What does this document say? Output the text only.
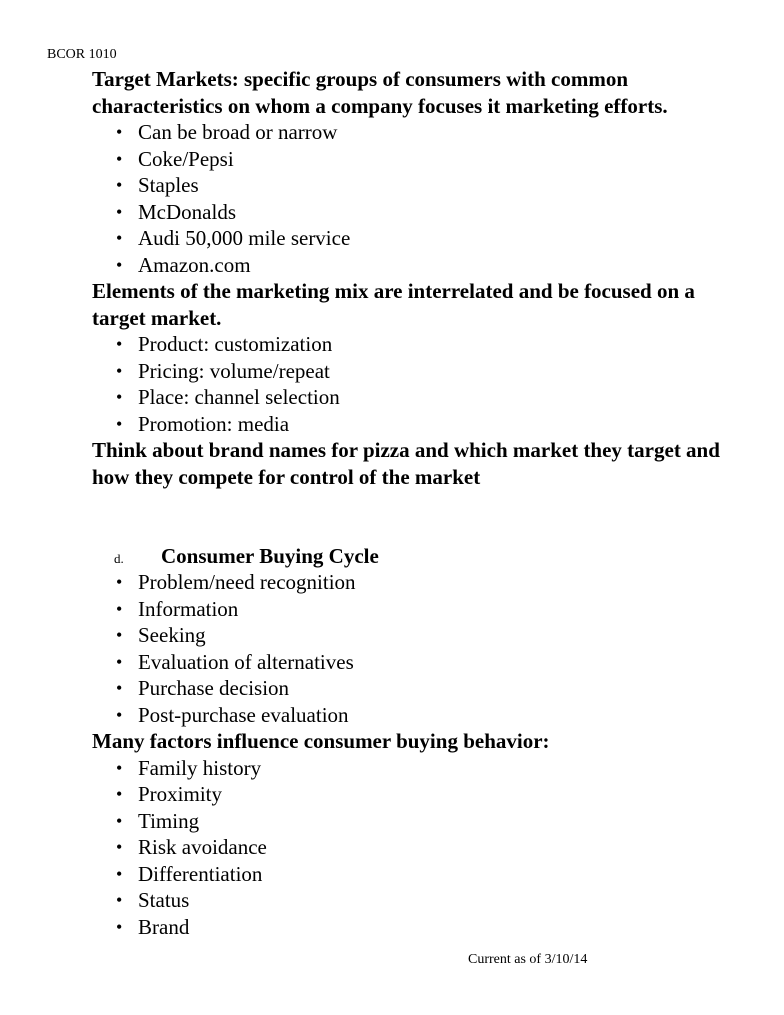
BCOR 1010

Target Markets: specific groups of consumers with common characteristics on whom a company focuses it marketing efforts.

• Can be broad or narrow
• Coke/Pepsi
• Staples
• McDonalds
• Audi 50,000 mile service
• Amazon.com

Elements of the marketing mix are interrelated and be focused on a target market.

• Product: customization
• Pricing: volume/repeat
• Place: channel selection
• Promotion: media

Think about brand names for pizza and which market they target and how they compete for control of the market

d. Consumer Buying Cycle
• Problem/need recognition
• Information
• Seeking
• Evaluation of alternatives
• Purchase decision
• Post-purchase evaluation

Many factors influence consumer buying behavior:

• Family history
• Proximity
• Timing
• Risk avoidance
• Differentiation
• Status
• Brand
Current as of 3/10/14
